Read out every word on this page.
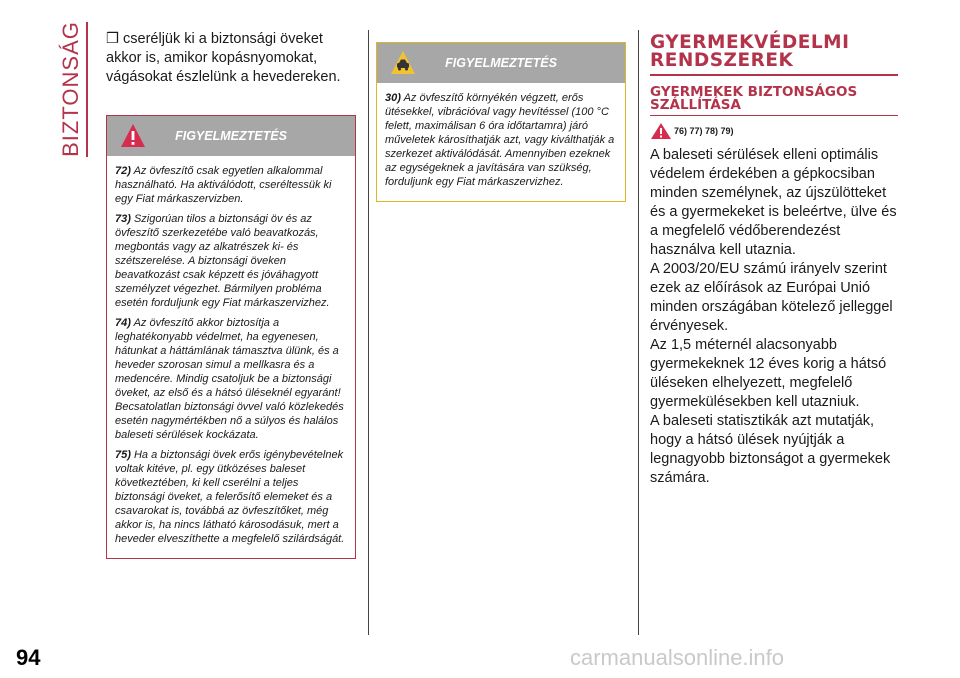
BIZTONSÁG ❒ cseréljük ki a biztonsági öveket akkor is, amikor kopásnyomokat, vágásokat észlelünk a hevedereken.
FIGYELMEZTETÉS

72) Az övfeszítő csak egyetlen alkalommal használható. Ha aktiválódott, cseréltessük ki egy Fiat márkaszervizben.

73) Szigorúan tilos a biztonsági öv és az övfeszítő szerkezetébe való beavatkozás, megbontás vagy az alkatrészek ki- és szétszerelése. A biztonsági öveken beavatkozást csak képzett és jóváhagyott személyzet végezhet. Bármilyen probléma esetén forduljunk egy Fiat márkaszervizhez.

74) Az övfeszítő akkor biztosítja a leghatékonyabb védelmet, ha egyenesen, hátunkat a háttámlának támasztva ülünk, és a heveder szorosan simul a mellkasra és a medencére. Mindig csatoljuk be a biztonsági öveket, az első és a hátsó üléseknél egyaránt! Becsatolatlan biztonsági övvel való közlekedés esetén nagymértékben nő a súlyos és halálos baleseti sérülések kockázata.

75) Ha a biztonsági övek erős igénybevételnek voltak kitéve, pl. egy ütközéses baleset következtében, ki kell cserélni a teljes biztonsági öveket, a felerősítő elemeket és a csavarokat is, továbbá az övfeszítőket, még akkor is, ha nincs látható károsodásuk, mert a heveder elveszíthette a megfelelő szilárdságát.

FIGYELMEZTETÉS

30) Az övfeszítő környékén végzett, erős ütésekkel, vibrációval vagy hevítéssel (100 °C felett, maximálisan 6 óra időtartamra) járó műveletek károsíthatják azt, vagy kiválthatják a szerkezet aktiválódását. Amennyiben ezeknek az egységeknek a javítására van szükség, forduljunk egy Fiat márkaszervizhez.

GYERMEKVÉDELMI RENDSZEREK
GYERMEKEK BIZTONSÁGOS SZÁLLÍTÁSA
76) 77) 78) 79)
A baleseti sérülések elleni optimális védelem érdekében a gépkocsiban minden személynek, az újszülötteket és a gyermekeket is beleértve, ülve és a megfelelő védőberendezést használva kell utaznia.
A 2003/20/EU számú irányelv szerint ezek az előírások az Európai Unió minden országában kötelező jelleggel érvényesek.
Az 1,5 méternél alacsonyabb gyermekeknek 12 éves korig a hátsó üléseken elhelyezett, megfelelő gyermekülésekben kell utazniuk.
A baleseti statisztikák azt mutatják, hogy a hátsó ülések nyújtják a legnagyobb biztonságot a gyermekek számára.
94	carmanualsonline.info
